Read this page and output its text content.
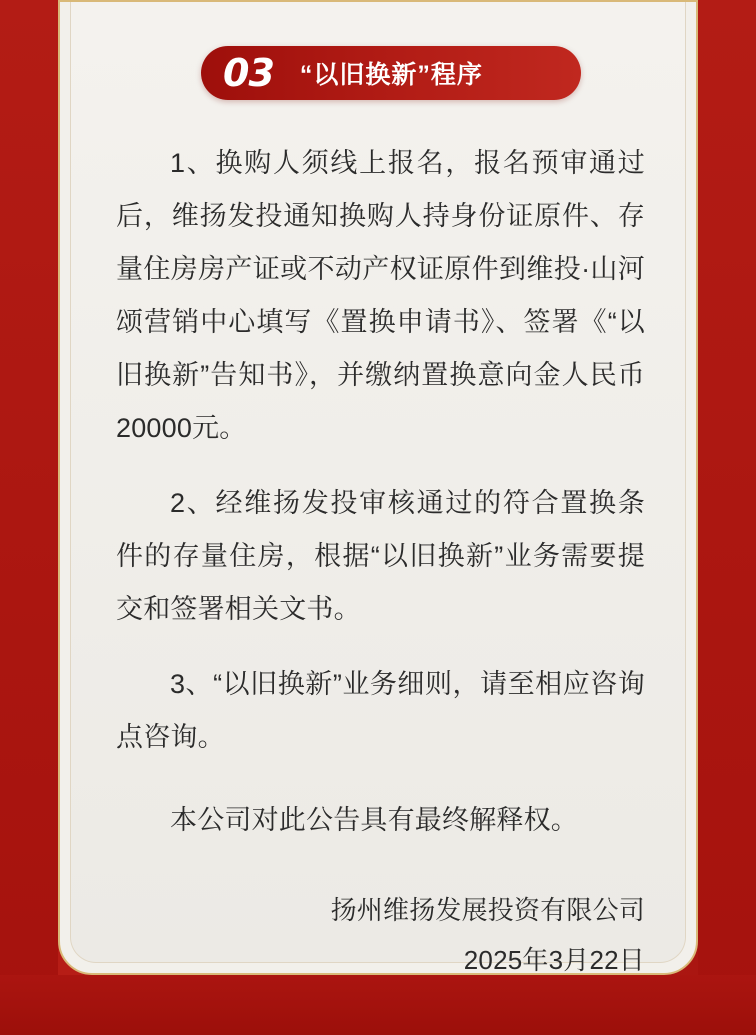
03 “以旧换新”程序

1、换购人须线上报名，报名预审通过后，维扬发投通知换购人持身份证原件、存量住房房产证或不动产权证原件到维投·山河颂营销中心填写《置换申请书》、签署《“以旧换新”告知书》，并缴纳置换意向金人民币20000元。

2、经维扬发投审核通过的符合置换条件的存量住房，根据“以旧换新”业务需要提交和签署相关文书。

3、“以旧换新”业务细则，请至相应咨询点咨询。

本公司对此公告具有最终解释权。

扬州维扬发展投资有限公司
2025年3月22日
